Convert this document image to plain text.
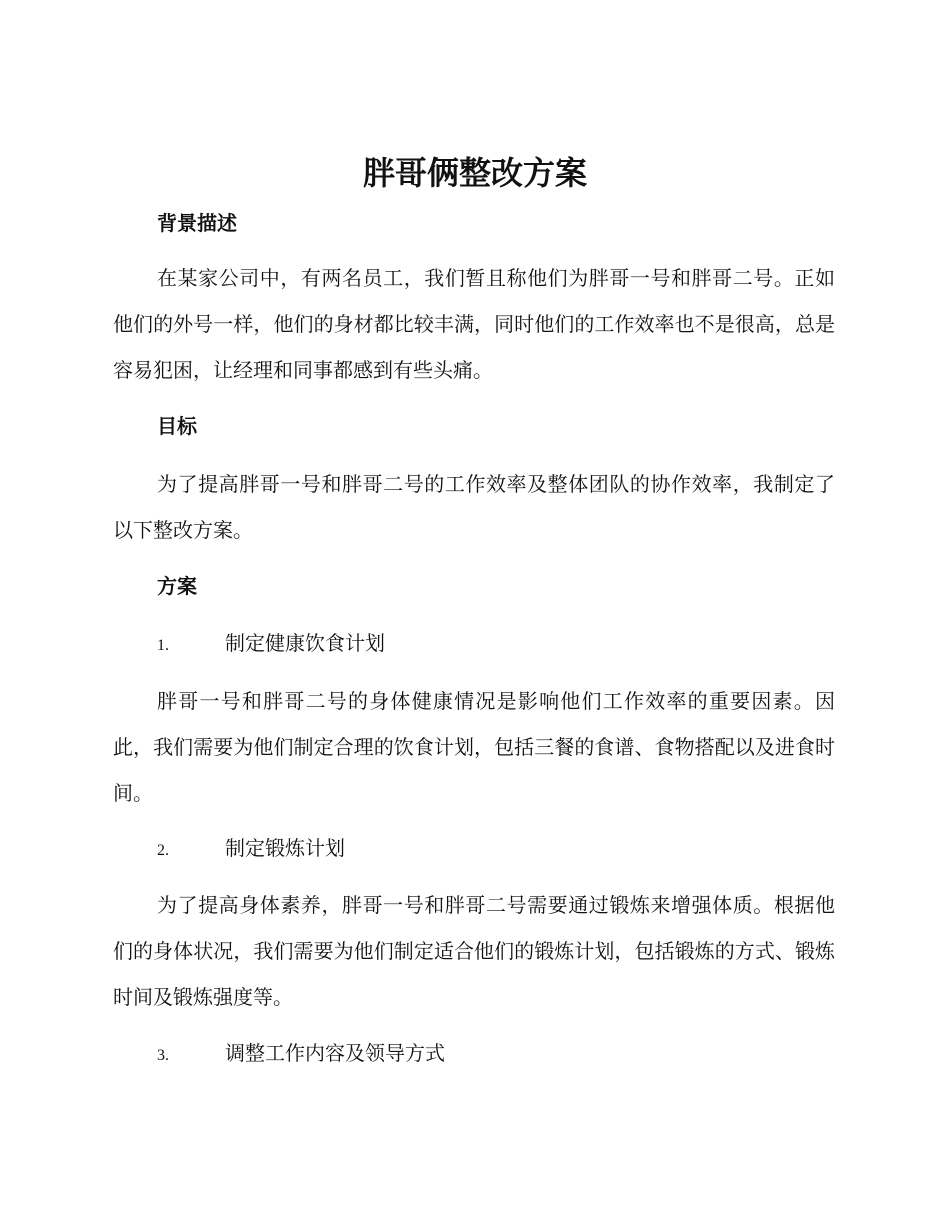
胖哥俩整改方案
背景描述

在某家公司中，有两名员工，我们暂且称他们为胖哥一号和胖哥二号。正如他们的外号一样，他们的身材都比较丰满，同时他们的工作效率也不是很高，总是容易犯困，让经理和同事都感到有些头痛。

目标

为了提高胖哥一号和胖哥二号的工作效率及整体团队的协作效率，我制定了以下整改方案。

方案
1.	制定健康饮食计划

胖哥一号和胖哥二号的身体健康情况是影响他们工作效率的重要因素。因此，我们需要为他们制定合理的饮食计划，包括三餐的食谱、食物搭配以及进食时间。

2.	制定锻炼计划

为了提高身体素养，胖哥一号和胖哥二号需要通过锻炼来增强体质。根据他们的身体状况，我们需要为他们制定适合他们的锻炼计划，包括锻炼的方式、锻炼时间及锻炼强度等。

3.	调整工作内容及领导方式
